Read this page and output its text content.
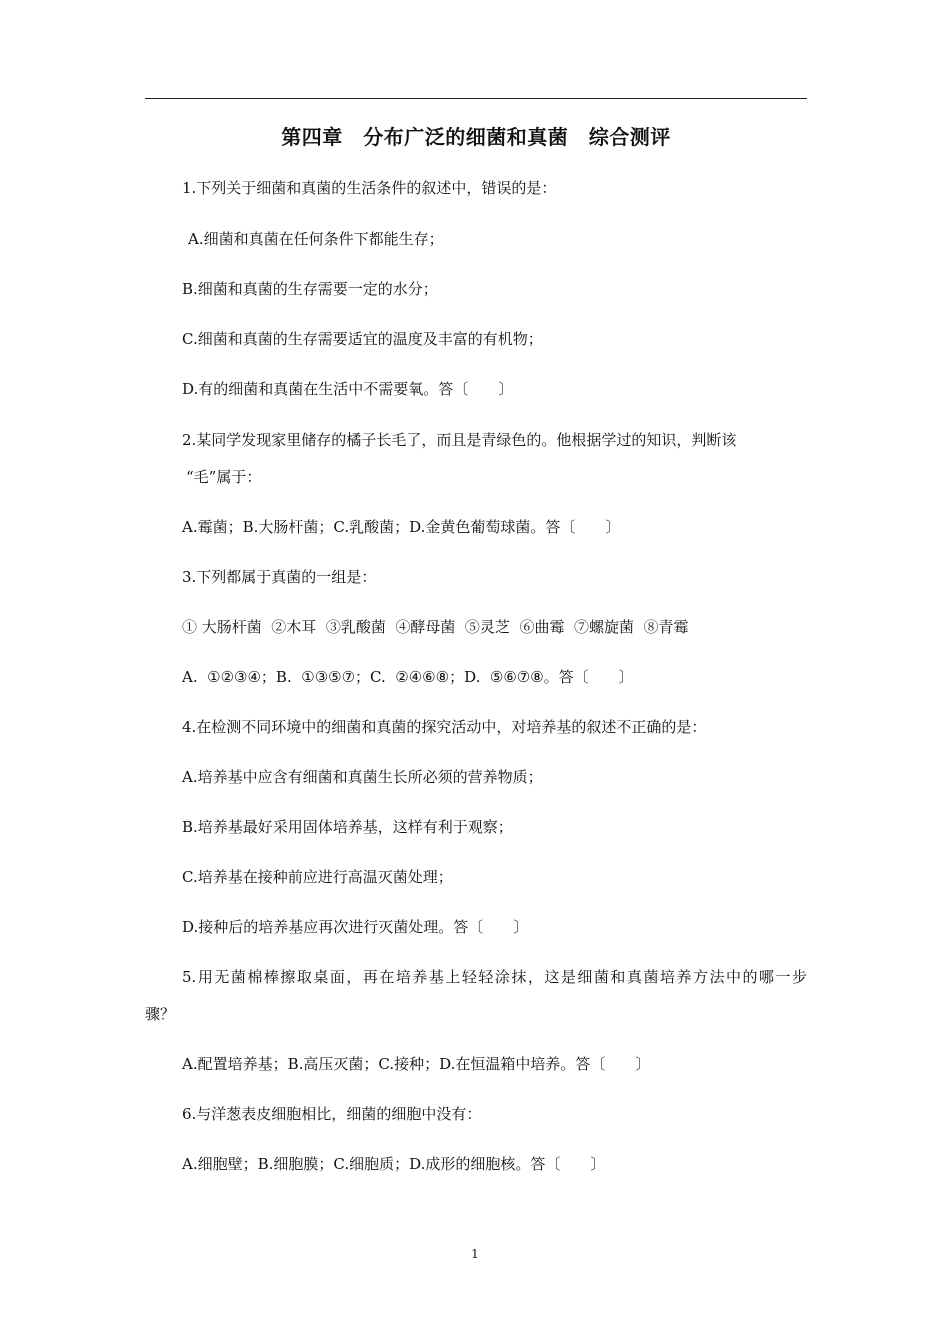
第四章　分布广泛的细菌和真菌　综合测评
1.下列关于细菌和真菌的生活条件的叙述中，错误的是：
A.细菌和真菌在任何条件下都能生存；
B.细菌和真菌的生存需要一定的水分；
C.细菌和真菌的生存需要适宜的温度及丰富的有机物；
D.有的细菌和真菌在生活中不需要氧。答〔　　〕
2.某同学发现家里储存的橘子长毛了，而且是青绿色的。他根据学过的知识，判断该
“毛”属于：
A.霉菌；B.大肠杆菌；C.乳酸菌；D.金黄色葡萄球菌。答〔　　〕
3.下列都属于真菌的一组是：
① 大肠杆菌  ②木耳  ③乳酸菌  ④酵母菌  ⑤灵芝  ⑥曲霉  ⑦螺旋菌  ⑧青霉
A.  ①②③④；B.  ①③⑤⑦；C.  ②④⑥⑧；D.  ⑤⑥⑦⑧。答〔　　〕
4.在检测不同环境中的细菌和真菌的探究活动中，对培养基的叙述不正确的是：
A.培养基中应含有细菌和真菌生长所必须的营养物质；
B.培养基最好采用固体培养基，这样有利于观察；
C.培养基在接种前应进行高温灭菌处理；
D.接种后的培养基应再次进行灭菌处理。答〔　　〕
5.用无菌棉棒擦取桌面，再在培养基上轻轻涂抹，这是细菌和真菌培养方法中的哪一步
骤？
A.配置培养基；B.高压灭菌；C.接种；D.在恒温箱中培养。答〔　　〕
6.与洋葱表皮细胞相比，细菌的细胞中没有：
A.细胞壁；B.细胞膜；C.细胞质；D.成形的细胞核。答〔　　〕
1
